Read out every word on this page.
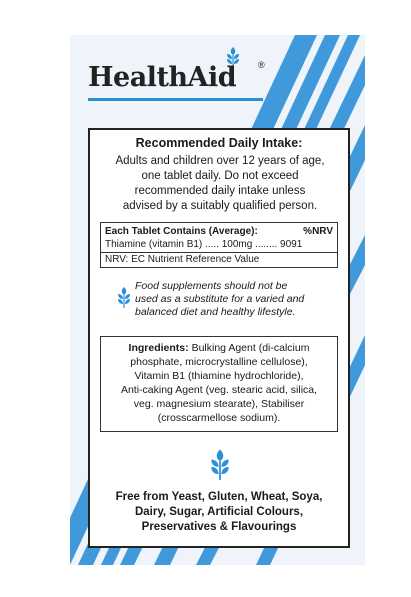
HealthAid ®
Recommended Daily Intake:
Adults and children over 12 years of age,
one tablet daily. Do not exceed
recommended daily intake unless
advised by a suitably qualified person.
Each Tablet Contains (Average):	%NRV
Thiamine (vitamin B1) ..... 100mg ........ 9091
NRV: EC Nutrient Reference Value
Food supplements should not be
used as a substitute for a varied and
balanced diet and healthy lifestyle.
Ingredients: Bulking Agent (di-calcium
phosphate, microcrystalline cellulose),
Vitamin B1 (thiamine hydrochloride),
Anti-caking Agent (veg. stearic acid, silica,
veg. magnesium stearate), Stabiliser
(crosscarmellose sodium).
Free from Yeast, Gluten, Wheat, Soya,
Dairy, Sugar, Artificial Colours,
Preservatives & Flavourings
